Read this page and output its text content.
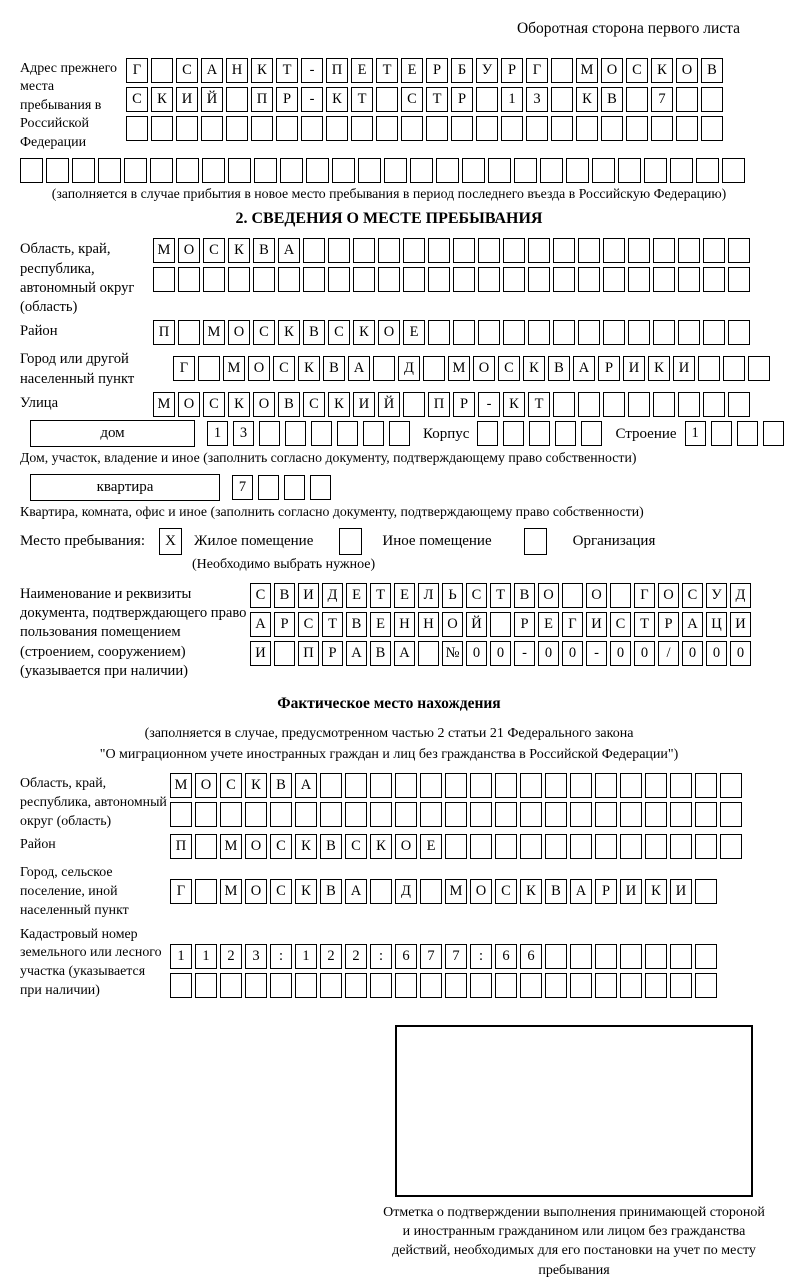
Оборотная сторона первого листа
Адрес прежнего места пребывания в Российской Федерации
Г	С	А	Н	К	Т	-	П	Е	Т	Е	Р	Б	У	Р	Г	М О	С	К	О	В
С	К	И	Й	П	Р	-	К	Т	С	Т	Р	1	3	К	В	7
(заполняется в случае прибытия в новое место пребывания в период последнего въезда в Российскую Федерацию)
2. СВЕДЕНИЯ О МЕСТЕ ПРЕБЫВАНИЯ
Область, край, республика, автономный округ (область)
М О	С	К	В	А
Район	П	М О	С	К	В	С	К	О	Е
Город или другой населенный пункт
Г	М О	С	К	В	А	Д	М О	С	К	В	А	Р	И	К	И
Улица	М О	С	К	О	В	С	К	И	Й	П	Р	-	К	Т
дом	1	3	Корпус	Строение	1
Дом, участок, владение и иное (заполнить согласно документу, подтверждающему право собственности)
квартира	7
Квартира, комната, офис и иное (заполнить согласно документу, подтверждающему право собственности)
Место пребывания:	X	Жилое помещение	Иное помещение	Организация
(Необходимо выбрать нужное)
Наименование и реквизиты документа, подтверждающего право пользования помещением (строением, сооружением) (указывается при наличии)
С В И Д	Е	Т	Е	Л	Ь	С	Т	В О	О	Г	О С У Д
А	Р	С	Т	В	Е Н Н О Й	Р	Е	Г	И С	Т	Р	А Ц И
И	П	Р	А В А	№ 0	0	-	0	0	-	0	0	/	0	0	0
Фактическое место нахождения
(заполняется в случае, предусмотренном частью 2 статьи 21 Федерального закона
"О миграционном учете иностранных граждан и лиц без гражданства в Российской Федерации")
Область, край, республика, автономный округ (область)
М О	С	К	В	А
Район	П	М О	С	К	В	С	К	О	Е
Город, сельское поселение, иной населенный пункт
Г	М О	С	К	В	А	Д	М О	С	К	В	А	Р	И	К	И
Кадастровый номер земельного или лесного участка (указывается при наличии)
1	1	2	3	:	1	2	2	:	6	7	7	:	6	6
Отметка о подтверждении выполнения принимающей стороной и иностранным гражданином или лицом без гражданства действий, необходимых для его постановки на учет по месту пребывания
